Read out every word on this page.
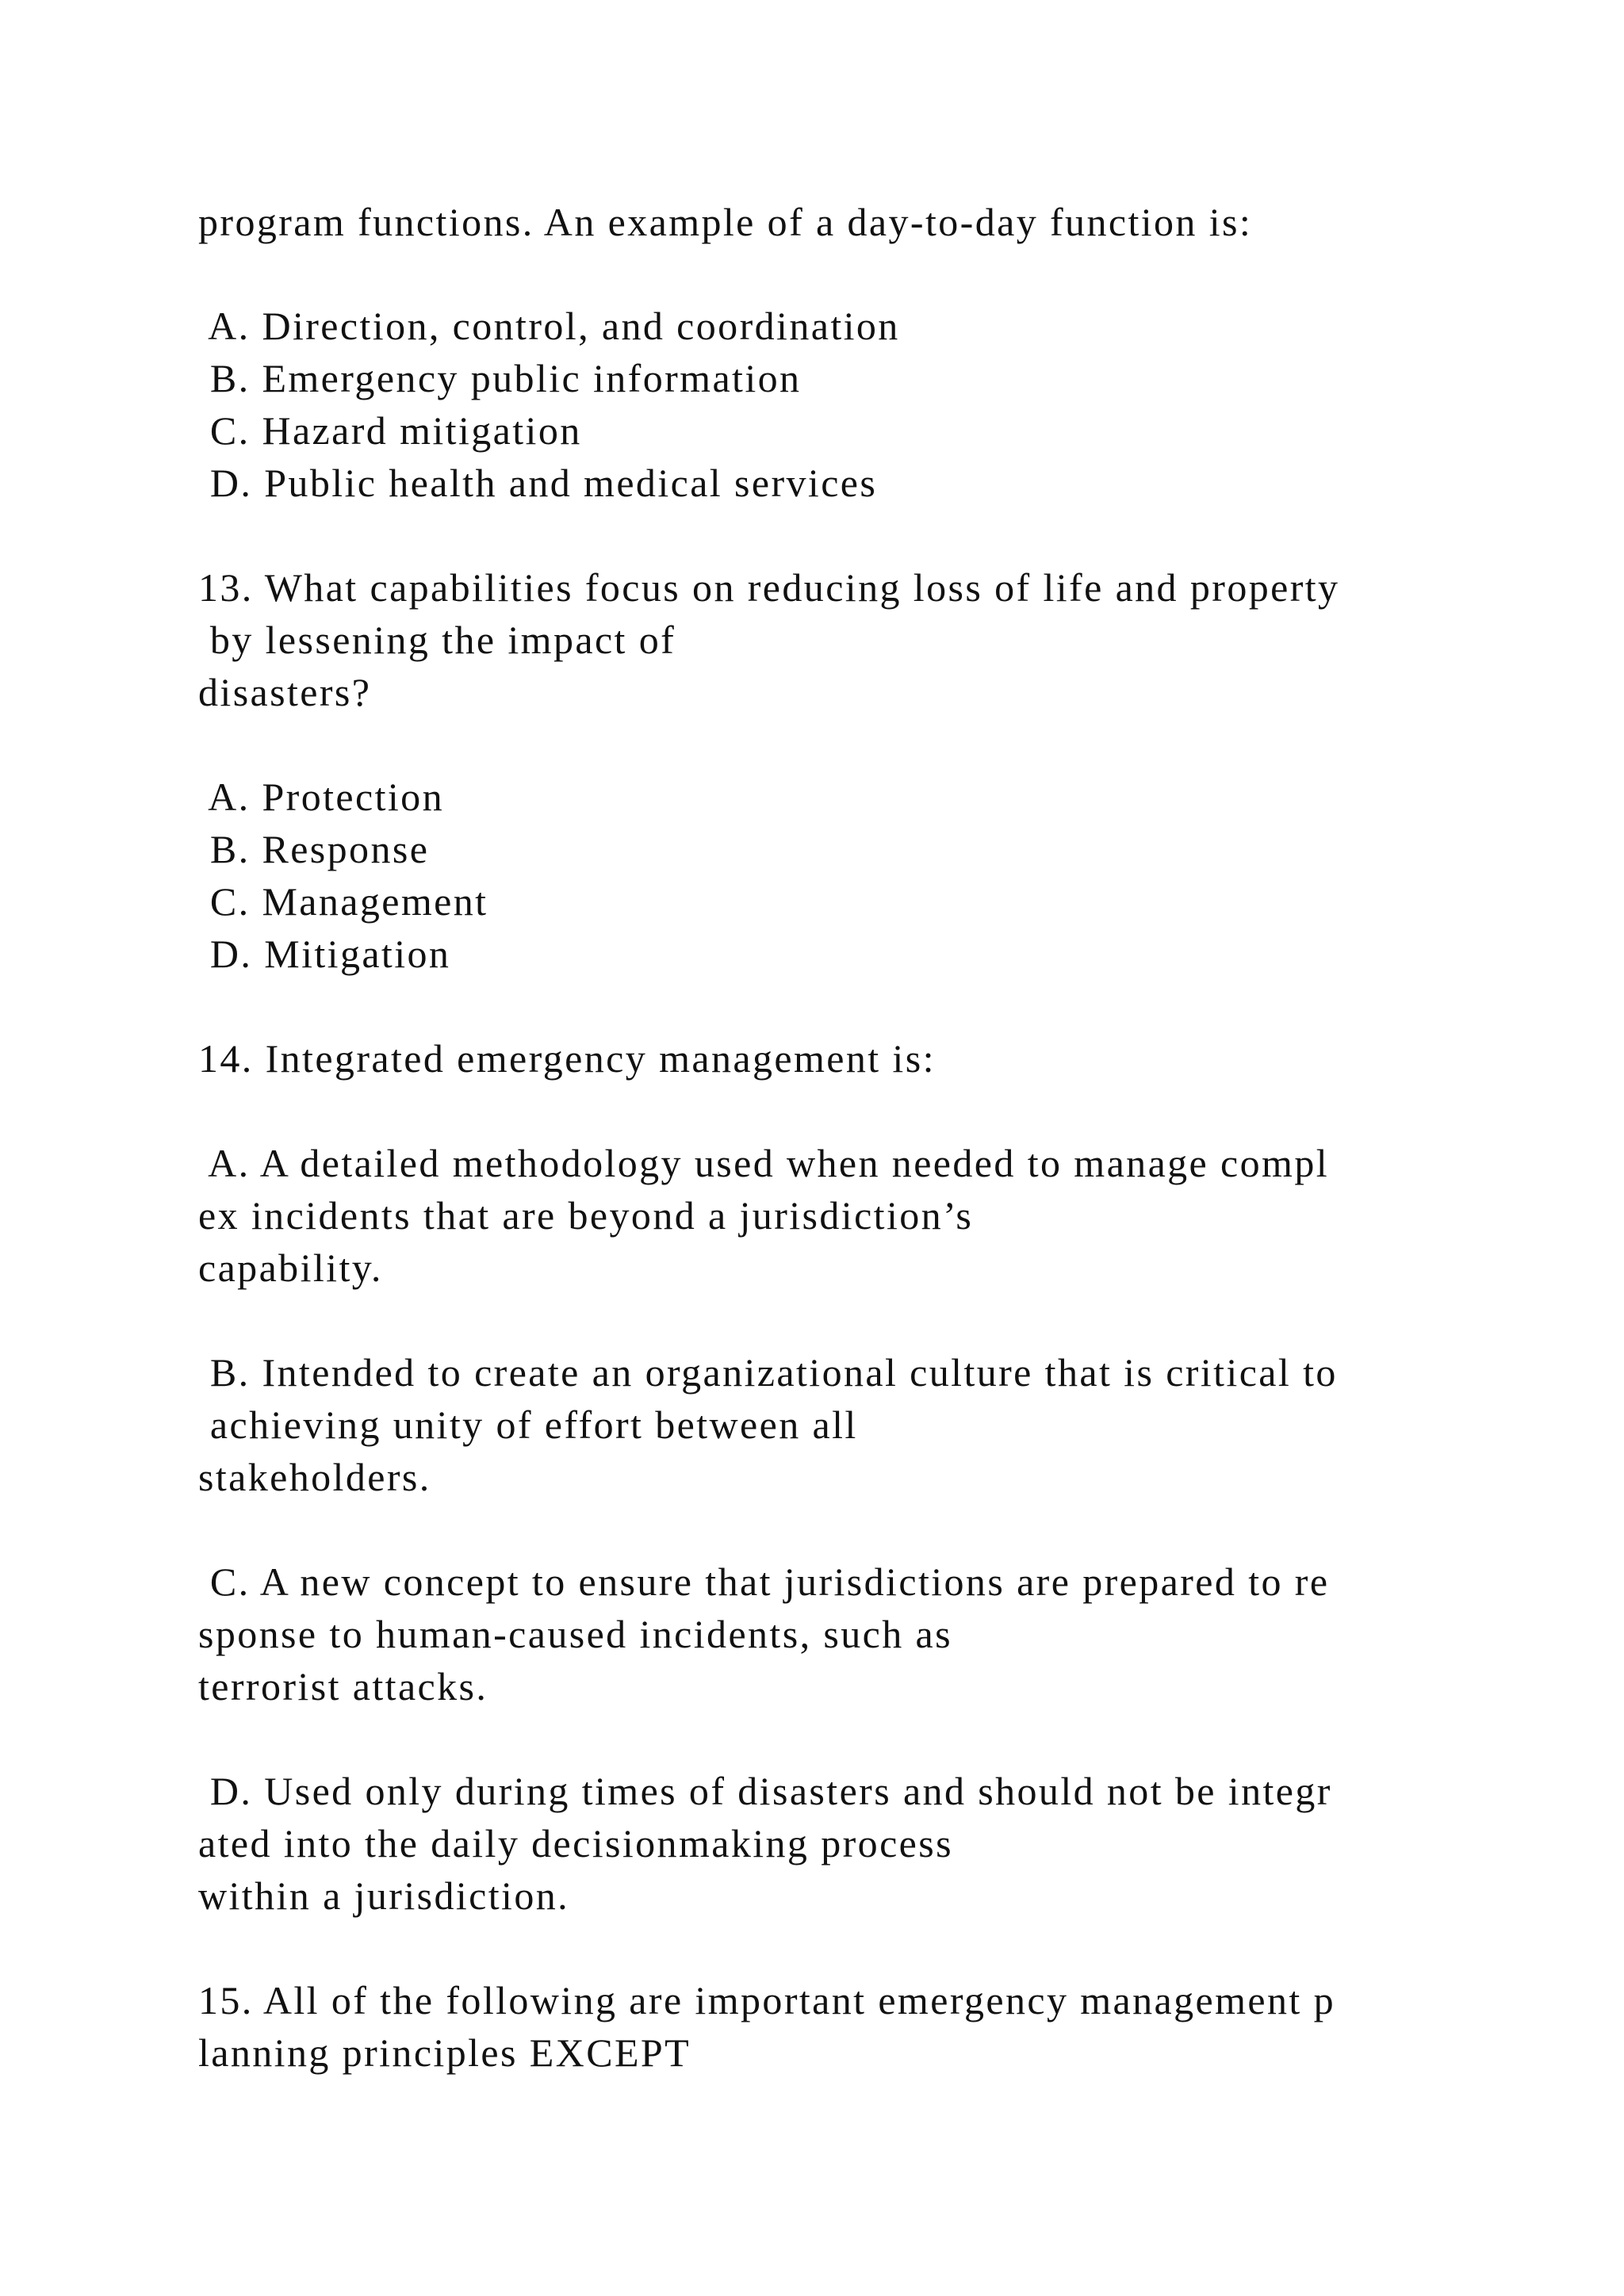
program functions. An example of a day-to-day function is:

A. Direction, control, and coordination

B. Emergency public information

C. Hazard mitigation

D. Public health and medical services

13. What capabilities focus on reducing loss of life and property

by lessening the impact of

disasters?

A. Protection

B. Response

C. Management

D. Mitigation

14. Integrated emergency management is:

A. A detailed methodology used when needed to manage compl

ex incidents that are beyond a jurisdiction’s

capability.

B. Intended to create an organizational culture that is critical to

achieving unity of effort between all

stakeholders.

C. A new concept to ensure that jurisdictions are prepared to re

sponse to human-caused incidents, such as

terrorist attacks.

D. Used only during times of disasters and should not be integr

ated into the daily decisionmaking process

within a jurisdiction.

15. All of the following are important emergency management p

lanning principles EXCEPT
